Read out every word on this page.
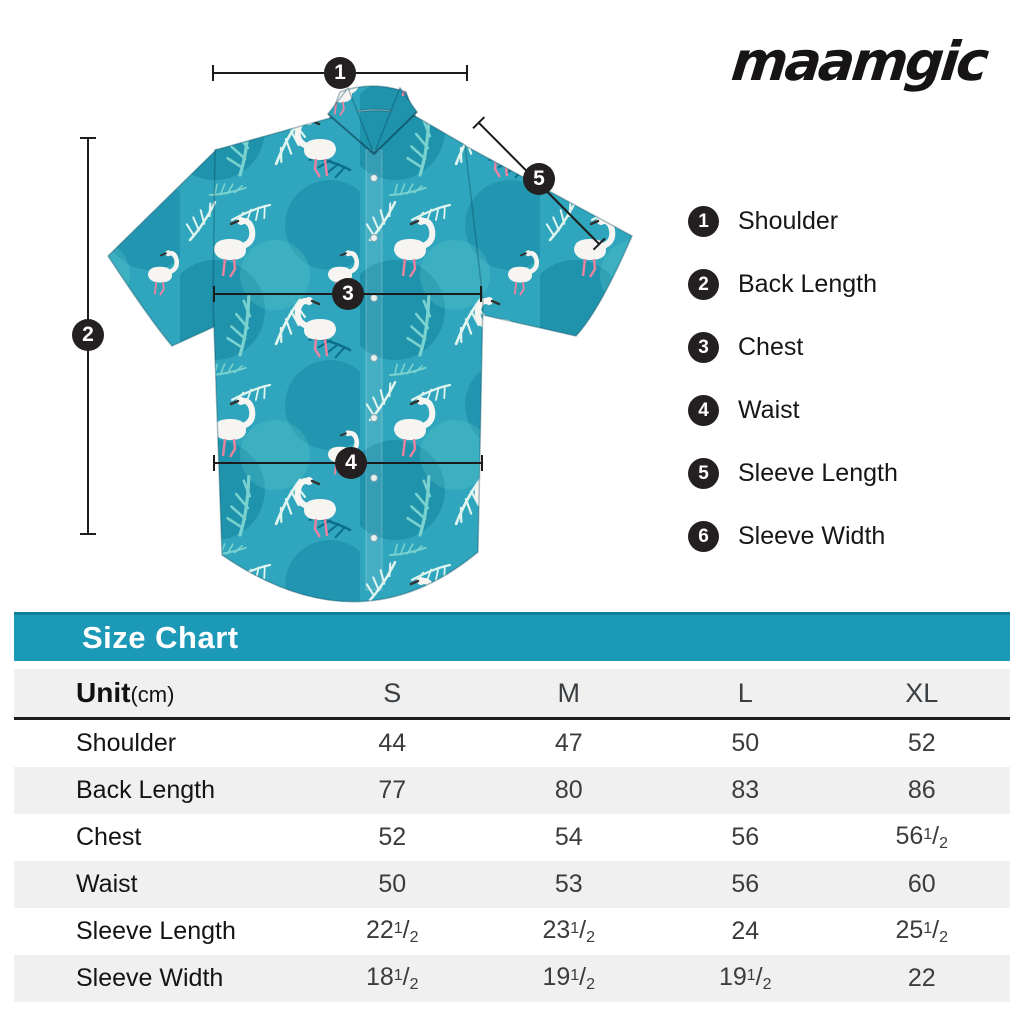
maamgic
1
2
3
4
5
1	Shoulder
2	Back Length
3	Chest
4	Waist
5	Sleeve Length
6	Sleeve Width
Size Chart
Unit(cm)	S	M	L	XL
Shoulder	44	47	50	52
Back Length	77	80	83	86
Chest	52	54	56	$56^1/_2$
Waist	50	53	56	60
Sleeve Length	$22^1/_2$	$23^1/_2$	24	$25^1/_2$
Sleeve Width	$18^1/_2$	$19^1/_2$	$19^1/_2$	22
